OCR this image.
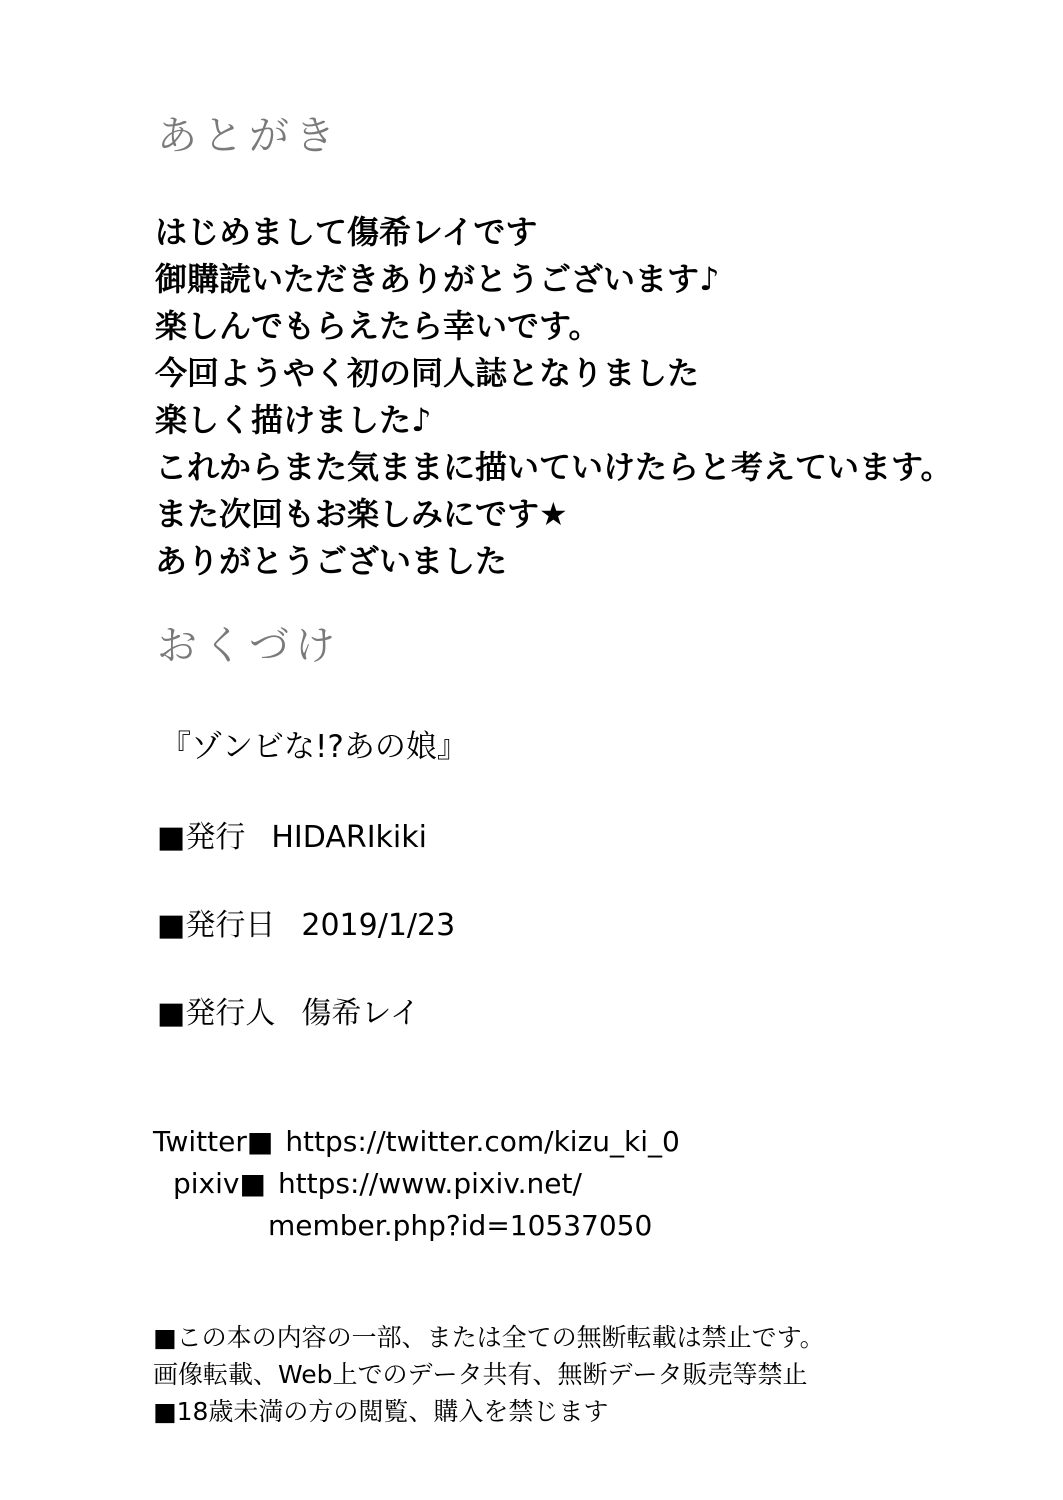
あとがき
はじめまして傷希レイです
御購読いただきありがとうございます♪
楽しんでもらえたら幸いです。
今回ようやく初の同人誌となりました
楽しく描けました♪
これからまた気ままに描いていけたらと考えています。
また次回もお楽しみにです★
ありがとうございました
おくづけ
『ゾンビな!?あの娘』
■発行 HIDARIkiki
■発行日 2019/1/23
■発行人 傷希レイ
Twitter■ https://twitter.com/kizu_ki_0
pixiv■ https://www.pixiv.net/
member.php?id=10537050
■この本の内容の一部、または全ての無断転載は禁止です。
画像転載、Web上でのデータ共有、無断データ販売等禁止
■18歳未満の方の閲覧、購入を禁じます
